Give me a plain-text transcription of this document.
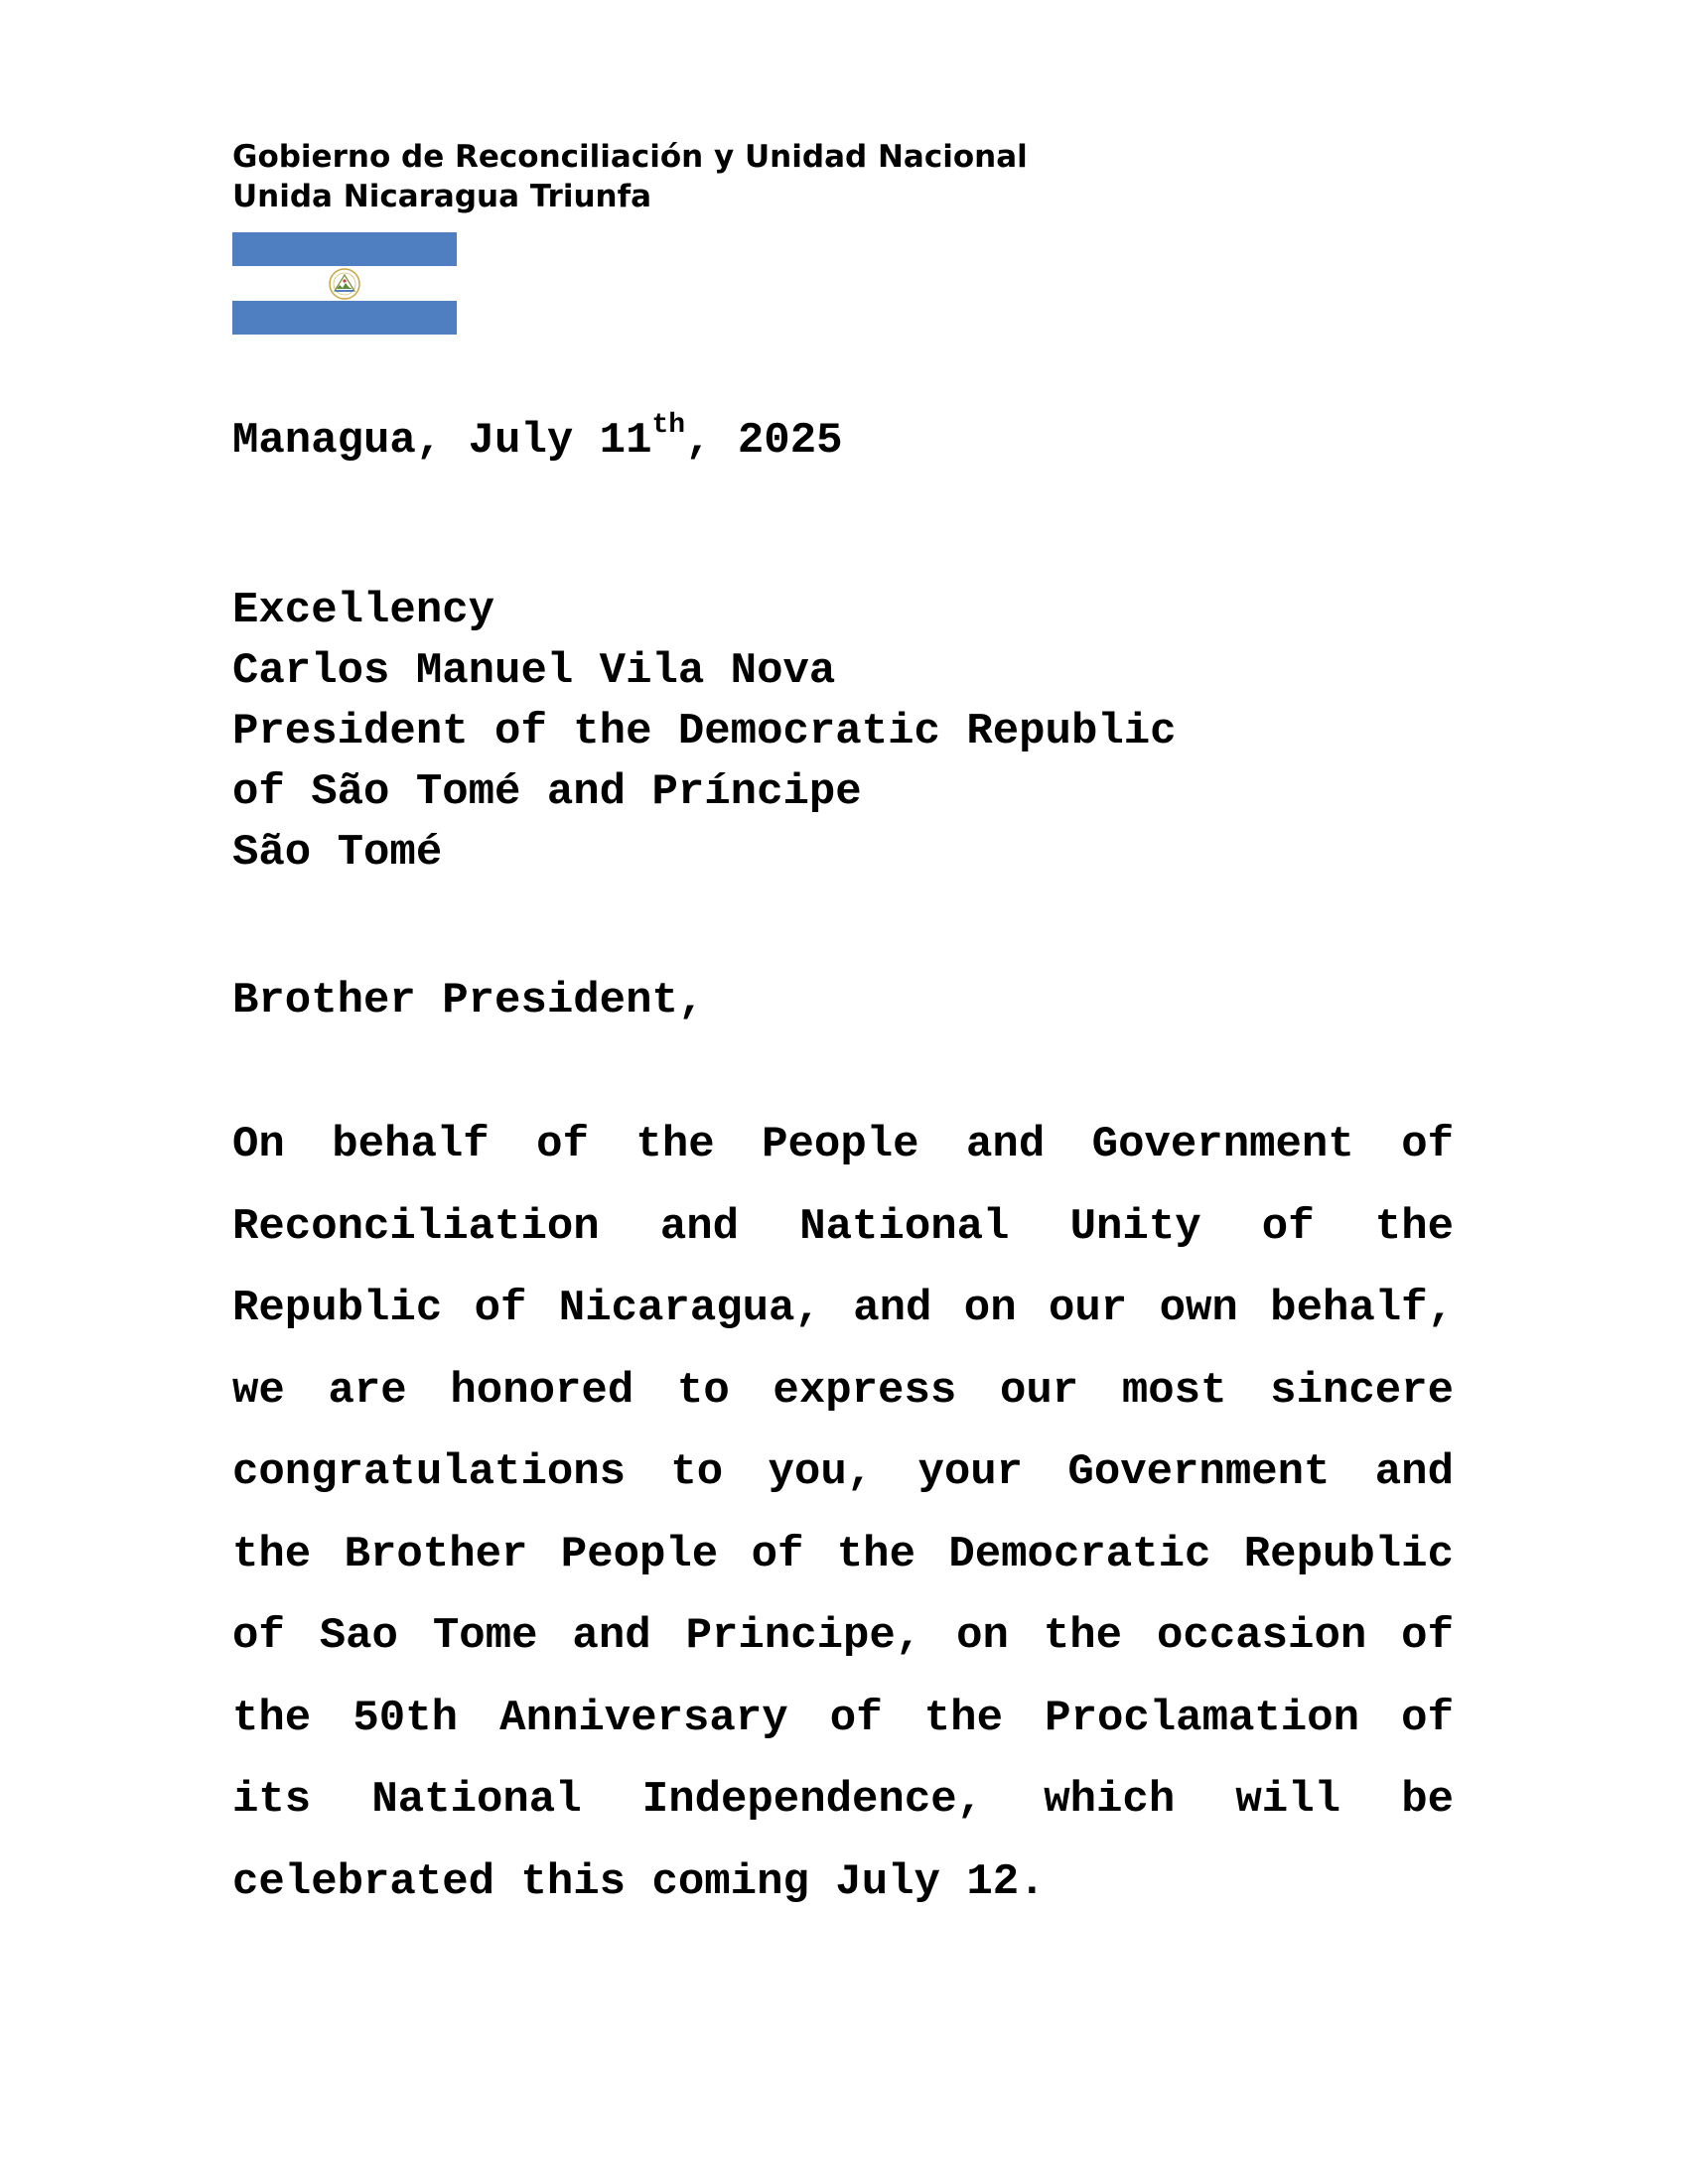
Gobierno de Reconciliación y Unidad Nacional
Unida Nicaragua Triunfa
Managua, July 11th, 2025
Excellency
Carlos Manuel Vila Nova
President of the Democratic Republic
of São Tomé and Príncipe
São Tomé
Brother President,

On behalf of the People and Government of Reconciliation and National Unity of the Republic of Nicaragua, and on our own behalf, we are honored to express our most sincere congratulations to you, your Government and the Brother People of the Democratic Republic of Sao Tome and Principe, on the occasion of the 50th Anniversary of the Proclamation of its National Independence, which will be celebrated this coming July 12.
